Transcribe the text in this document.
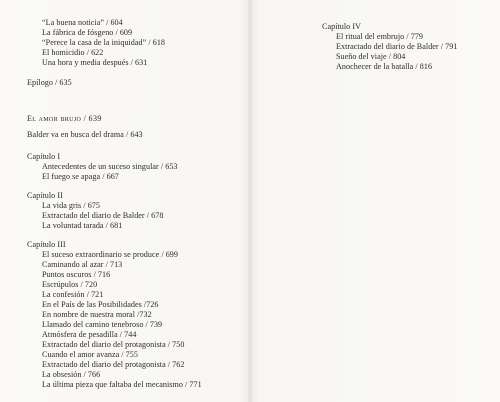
“La buena noticia” / 604
La fábrica de fósgeno / 609
“Perece la casa de la iniquidad” / 618
El homicidio / 622
Una hora y media después / 631
Epílogo / 635
El amor brujo / 639
Balder va en busca del drama / 643
Capítulo I
Antecedentes de un suceso singular / 653
El fuego se apaga / 667
Capítulo II
La vida gris / 675
Extractado del diario de Balder / 678
La voluntad tarada / 681
Capítulo III
El suceso extraordinario se produce / 699
Caminando al azar / 713
Puntos oscuros / 716
Escrúpulos / 720
La confesión / 721
En el País de las Posibilidades /726
En nombre de nuestra moral /732
Llamado del camino tenebroso / 739
Atmósfera de pesadilla / 744
Extractado del diario del protagonista / 750
Cuando el amor avanza / 755
Extractado del diario del protagonista / 762
La obsesión / 766
La última pieza que faltaba del mecanismo / 771
Capítulo IV
El ritual del embrujo / 779
Extractado del diario de Balder / 791
Sueño del viaje / 804
Anochecer de la batalla / 816
